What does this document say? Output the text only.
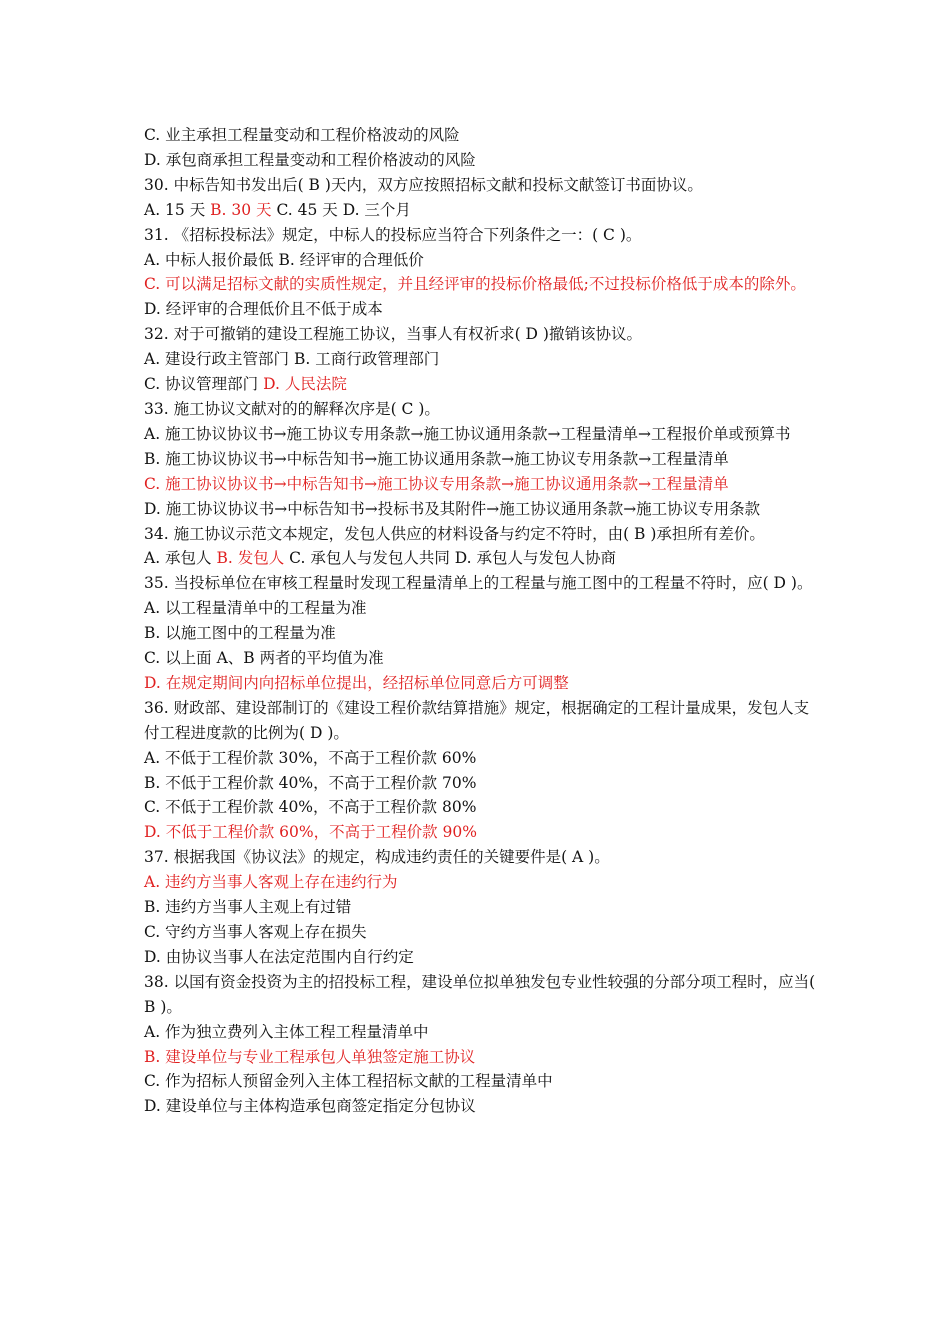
C. 业主承担工程量变动和工程价格波动的风险
D. 承包商承担工程量变动和工程价格波动的风险
30. 中标告知书发出后( B )天内，双方应按照招标文献和投标文献签订书面协议。
A. 15 天 B. 30 天 C. 45 天 D. 三个月
31. 《招标投标法》规定，中标人的投标应当符合下列条件之一：( C )。
A. 中标人报价最低 B. 经评审的合理低价
C. 可以满足招标文献的实质性规定，并且经评审的投标价格最低;不过投标价格低于成本的除外。
D. 经评审的合理低价且不低于成本
32. 对于可撤销的建设工程施工协议，当事人有权祈求( D )撤销该协议。
A. 建设行政主管部门 B. 工商行政管理部门
C. 协议管理部门 D. 人民法院
33. 施工协议文献对的的解释次序是( C )。
A. 施工协议协议书→施工协议专用条款→施工协议通用条款→工程量清单→工程报价单或预算书
B. 施工协议协议书→中标告知书→施工协议通用条款→施工协议专用条款→工程量清单
C. 施工协议协议书→中标告知书→施工协议专用条款→施工协议通用条款→工程量清单
D. 施工协议协议书→中标告知书→投标书及其附件→施工协议通用条款→施工协议专用条款
34. 施工协议示范文本规定，发包人供应的材料设备与约定不符时，由( B )承担所有差价。
A. 承包人 B. 发包人 C. 承包人与发包人共同 D. 承包人与发包人协商
35. 当投标单位在审核工程量时发现工程量清单上的工程量与施工图中的工程量不符时，应( D )。
A. 以工程量清单中的工程量为准
B. 以施工图中的工程量为准
C. 以上面 A、B 两者的平均值为准
D. 在规定期间内向招标单位提出，经招标单位同意后方可调整
36. 财政部、建设部制订的《建设工程价款结算措施》规定，根据确定的工程计量成果，发包人支付工程进度款的比例为( D )。
A. 不低于工程价款 30%，不高于工程价款 60%
B. 不低于工程价款 40%，不高于工程价款 70%
C. 不低于工程价款 40%，不高于工程价款 80%
D. 不低于工程价款 60%，不高于工程价款 90%
37. 根据我国《协议法》的规定，构成违约责任的关键要件是( A )。
A. 违约方当事人客观上存在违约行为
B. 违约方当事人主观上有过错
C. 守约方当事人客观上存在损失
D. 由协议当事人在法定范围内自行约定
38. 以国有资金投资为主的招投标工程，建设单位拟单独发包专业性较强的分部分项工程时，应当( B )。
A. 作为独立费列入主体工程工程量清单中
B. 建设单位与专业工程承包人单独签定施工协议
C. 作为招标人预留金列入主体工程招标文献的工程量清单中
D. 建设单位与主体构造承包商签定指定分包协议
